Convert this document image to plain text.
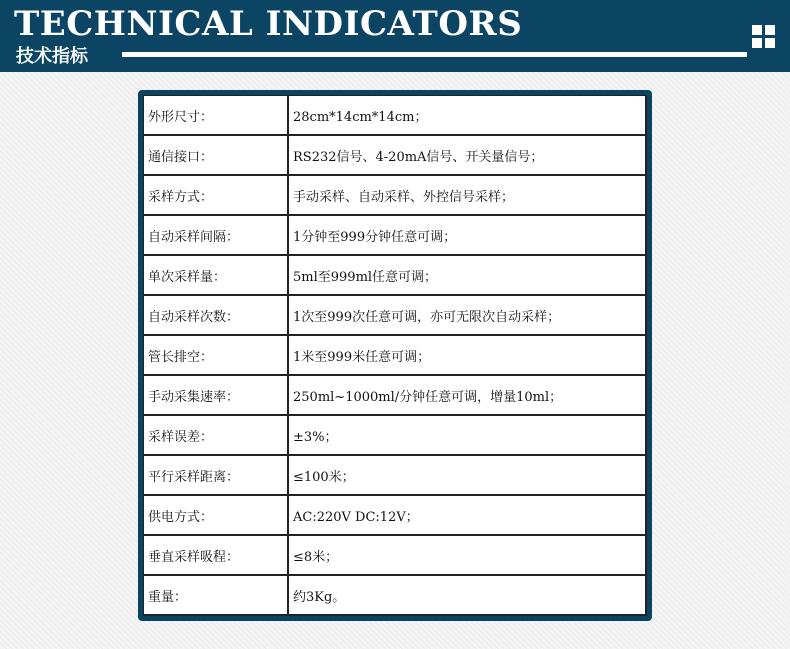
TECHNICAL INDICATORS
技术指标
外形尺寸：	28cm*14cm*14cm；
通信接口：	RS232信号、4-20mA信号、开关量信号；
采样方式：	手动采样、自动采样、外控信号采样；
自动采样间隔：	1分钟至999分钟任意可调；
单次采样量：	5ml至999ml任意可调；
自动采样次数：	1次至999次任意可调，亦可无限次自动采样；
管长排空：	1米至999米任意可调；
手动采集速率：	250ml~1000ml/分钟任意可调，增量10ml；
采样误差：	±3%；
平行采样距离：	≤100米；
供电方式：	AC:220V DC:12V；
垂直采样吸程：	≤8米；
重量：	约3Kg。
